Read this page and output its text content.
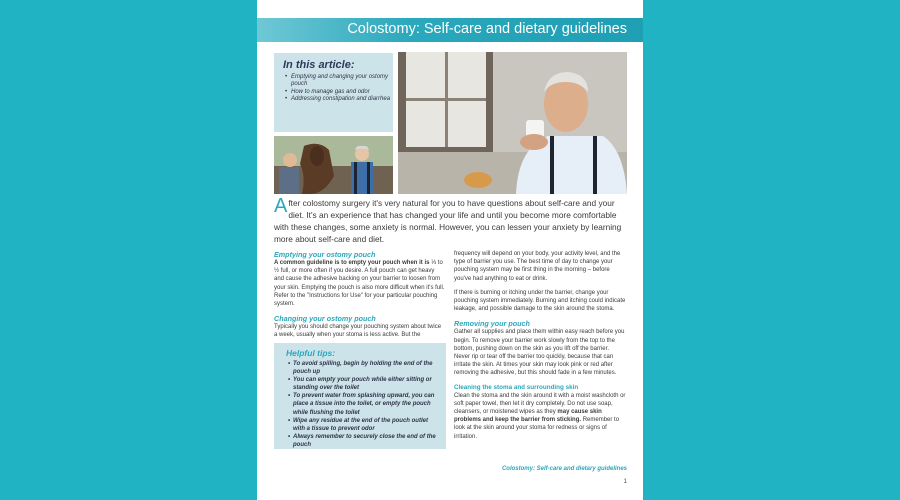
Colostomy: Self-care and dietary guidelines
In this article:
• Emptying and changing your ostomy pouch
• How to manage gas and odor
• Addressing constipation and diarrhea
After colostomy surgery it's very natural for you to have questions about self-care and your diet. It's an experience that has changed your life and until you become more comfortable with these changes, some anxiety is normal. However, you can lessen your anxiety by learning more about self-care and diet.
Emptying your ostomy pouch

A common guideline is to empty your pouch when it is ⅓ to ½ full, or more often if you desire. A full pouch can get heavy and cause the adhesive backing on your barrier to loosen from your skin. Emptying the pouch is also more difficult when it's full. Refer to the "Instructions for Use" for your particular pouching system.

Changing your ostomy pouch

Typically you should change your pouching system about twice a week, usually when your stoma is less active. But the

Helpful tips:
• To avoid spilling, begin by holding the end of the pouch up
• You can empty your pouch while either sitting or standing over the toilet
• To prevent water from splashing upward, you can place a tissue into the toilet, or empty the pouch while flushing the toilet
• Wipe any residue at the end of the pouch outlet with a tissue to prevent odor
• Always remember to securely close the end of the pouch

frequency will depend on your body, your activity level, and the type of barrier you use. The best time of day to change your pouching system may be first thing in the morning – before you've had anything to eat or drink.

If there is burning or itching under the barrier, change your pouching system immediately. Burning and itching could indicate leakage, and possible damage to the skin around the stoma.

Removing your pouch

Gather all supplies and place them within easy reach before you begin. To remove your barrier work slowly from the top to the bottom, pushing down on the skin as you lift off the barrier. Never rip or tear off the barrier too quickly, because that can irritate the skin. At times your skin may look pink or red after removing the adhesive, but this should fade in a few minutes.

Cleaning the stoma and surrounding skin

Clean the stoma and the skin around it with a moist washcloth or soft paper towel, then let it dry completely. Do not use soap, cleansers, or moistened wipes as they may cause skin problems and keep the barrier from sticking. Remember to look at the skin around your stoma for redness or signs of irritation.

Colostomy: Self-care and dietary guidelines
1
